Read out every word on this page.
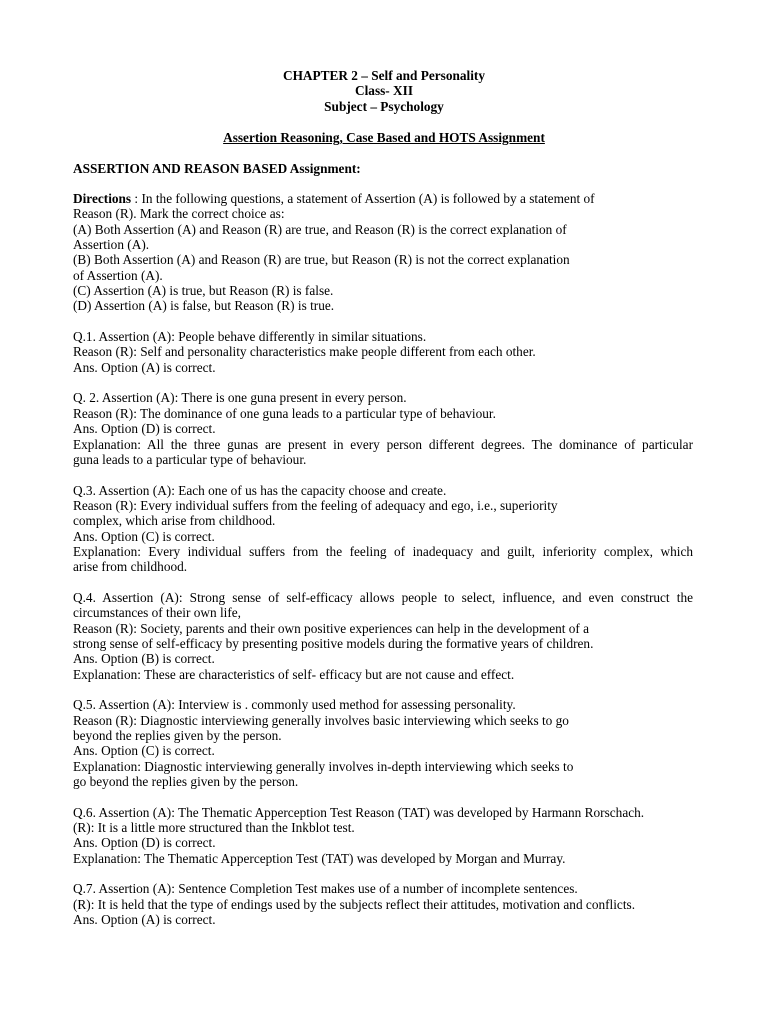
CHAPTER 2 – Self and Personality
Class- XII
Subject – Psychology
Assertion Reasoning, Case Based and HOTS Assignment
ASSERTION AND REASON BASED Assignment:
Directions : In the following questions, a statement of Assertion (A) is followed by a statement of
Reason (R). Mark the correct choice as:
(A) Both Assertion (A) and Reason (R) are true, and Reason (R) is the correct explanation of
Assertion (A).
(B) Both Assertion (A) and Reason (R) are true, but Reason (R) is not the correct explanation
of Assertion (A).
(C) Assertion (A) is true, but Reason (R) is false.
(D) Assertion (A) is false, but Reason (R) is true.
Q.1. Assertion (A): People behave differently in similar situations.
Reason (R): Self and personality characteristics make people different from each other.
Ans. Option (A) is correct.
Q. 2. Assertion (A): There is one guna present in every person.
Reason (R): The dominance of one guna leads to a particular type of behaviour.
Ans. Option (D) is correct.
Explanation: All the three gunas are present in every person different degrees. The dominance of particular
guna leads to a particular type of behaviour.
Q.3. Assertion (A): Each one of us has the capacity choose and create.
Reason (R): Every individual suffers from the feeling of adequacy and ego, i.e., superiority
complex, which arise from childhood.
Ans. Option (C) is correct.
Explanation: Every individual suffers from the feeling of inadequacy and guilt, inferiority complex, which
arise from childhood.
Q.4. Assertion (A): Strong sense of self-efficacy allows people to select, influence, and even construct the
circumstances of their own life,
Reason (R): Society, parents and their own positive experiences can help in the development of a
strong sense of self-efficacy by presenting positive models during the formative years of children.
Ans. Option (B) is correct.
Explanation: These are characteristics of self- efficacy but are not cause and effect.
Q.5. Assertion (A): Interview is . commonly used method for assessing personality.
Reason (R): Diagnostic interviewing generally involves basic interviewing which seeks to go
beyond the replies given by the person.
Ans. Option (C) is correct.
Explanation: Diagnostic interviewing generally involves in-depth interviewing which seeks to
go beyond the replies given by the person.
Q.6. Assertion (A): The Thematic Apperception Test Reason (TAT) was developed by Harmann Rorschach.
(R): It is a little more structured than the Inkblot test.
Ans. Option (D) is correct.
Explanation: The Thematic Apperception Test (TAT) was developed by Morgan and Murray.
Q.7. Assertion (A): Sentence Completion Test makes use of a number of incomplete sentences.
(R): It is held that the type of endings used by the subjects reflect their attitudes, motivation and conflicts.
Ans. Option (A) is correct.
